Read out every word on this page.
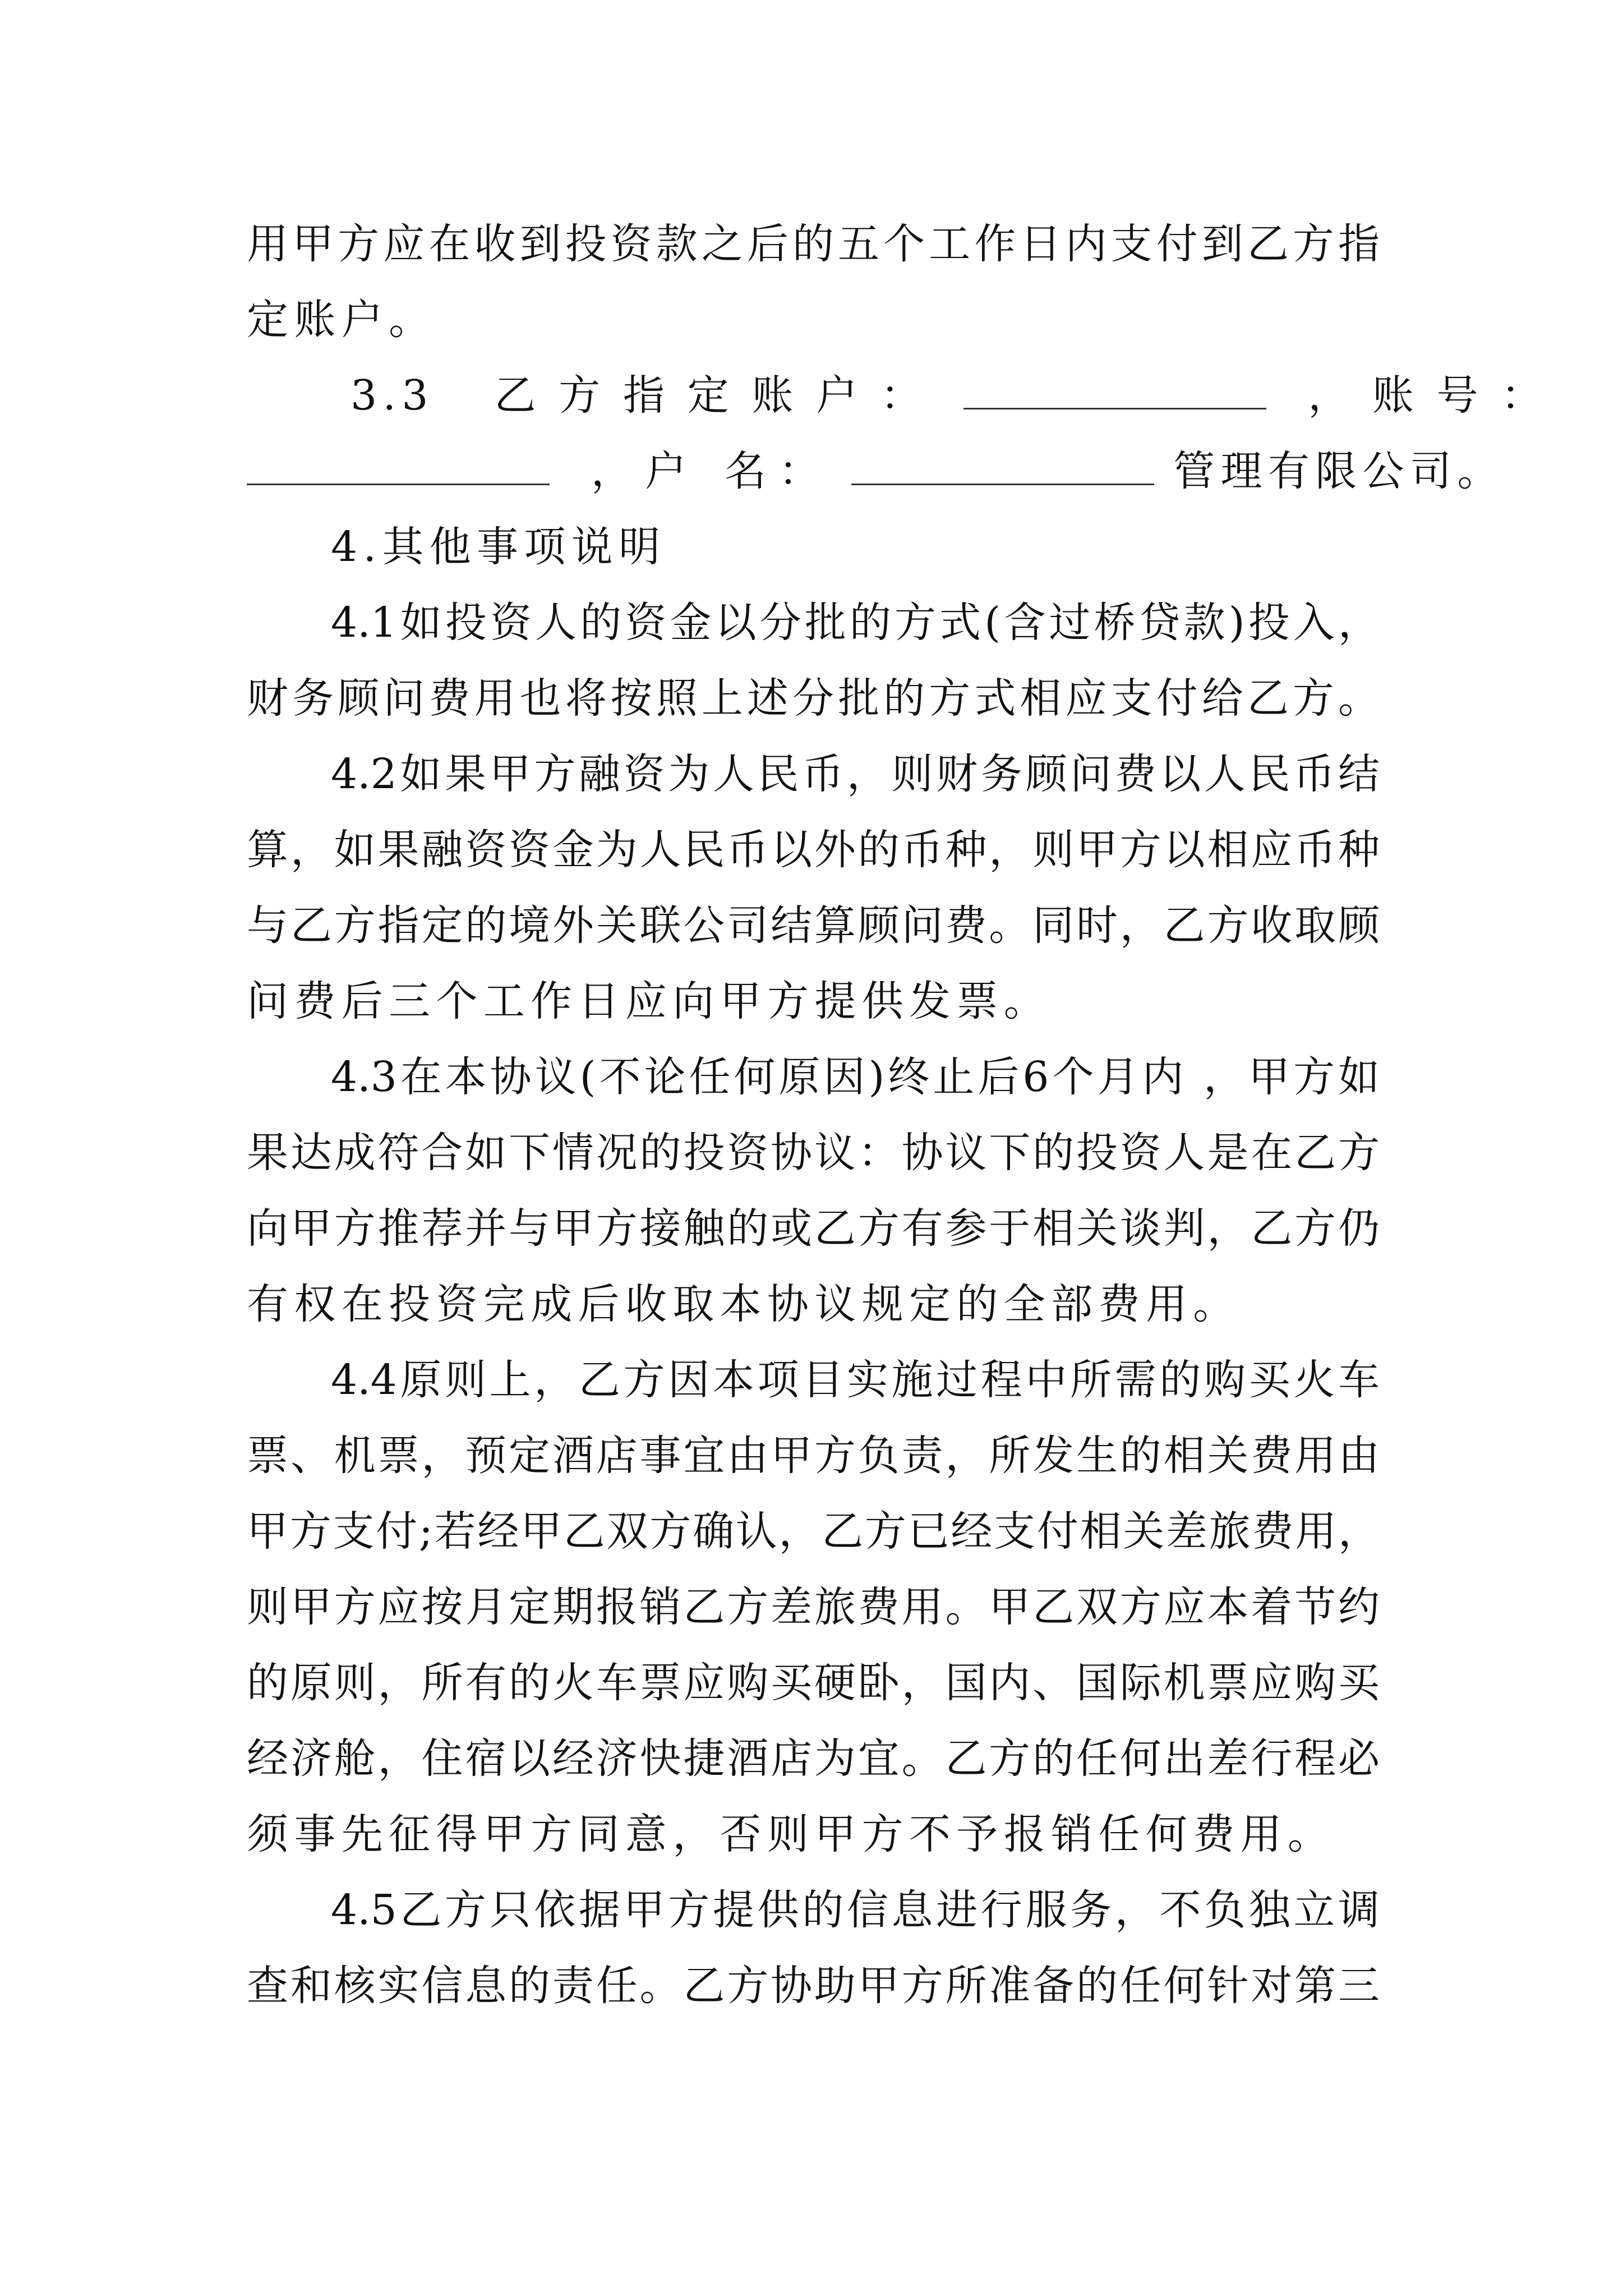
用甲方应在收到投资款之后的五个工作日内支付到乙方指
定账户。
3.3 乙方指定账户：	，账号：
，户 名：	管理有限公司。
4.其他事项说明
4.1如投资人的资金以分批的方式(含过桥贷款)投入，
财务顾问费用也将按照上述分批的方式相应支付给乙方。
4.2如果甲方融资为人民币，则财务顾问费以人民币结
算，如果融资资金为人民币以外的币种，则甲方以相应币种
与乙方指定的境外关联公司结算顾问费。同时，乙方收取顾
问费后三个工作日应向甲方提供发票。
4.3在本协议(不论任何原因)终止后6个月内 ，甲方如
果达成符合如下情况的投资协议：协议下的投资人是在乙方
向甲方推荐并与甲方接触的或乙方有参于相关谈判，乙方仍
有权在投资完成后收取本协议规定的全部费用。
4.4原则上，乙方因本项目实施过程中所需的购买火车
票、机票，预定酒店事宜由甲方负责，所发生的相关费用由
甲方支付;若经甲乙双方确认，乙方已经支付相关差旅费用，
则甲方应按月定期报销乙方差旅费用。甲乙双方应本着节约
的原则，所有的火车票应购买硬卧，国内、国际机票应购买
经济舱，住宿以经济快捷酒店为宜。乙方的任何出差行程必
须事先征得甲方同意，否则甲方不予报销任何费用。
4.5乙方只依据甲方提供的信息进行服务，不负独立调
查和核实信息的责任。乙方协助甲方所准备的任何针对第三
